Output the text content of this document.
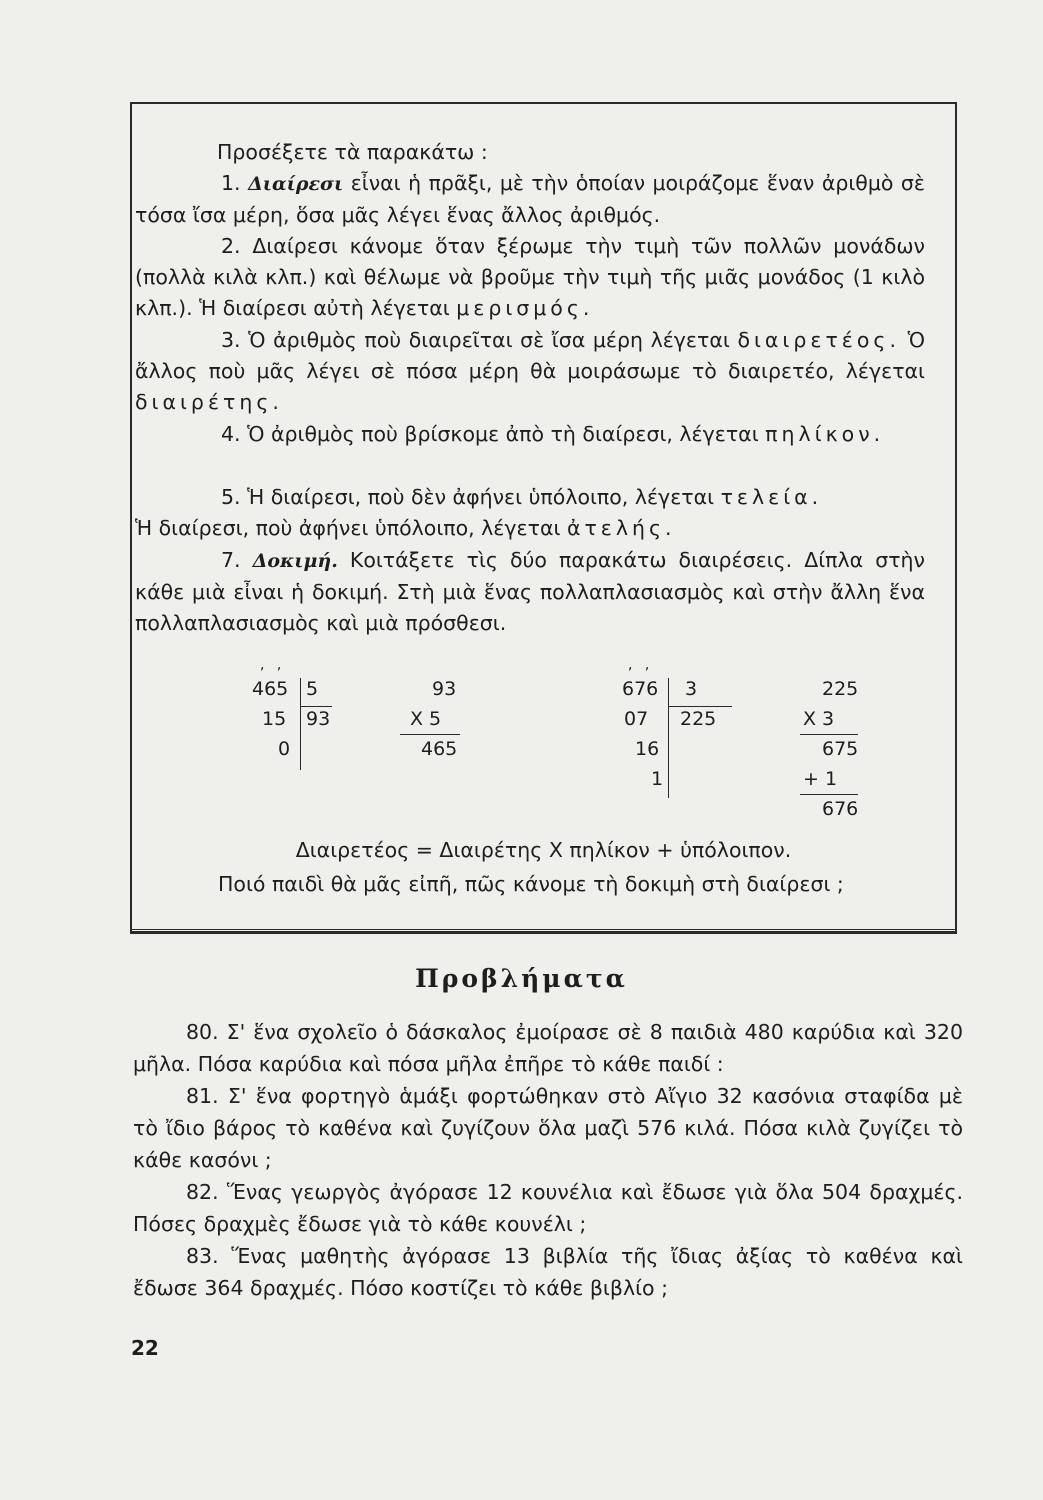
Προσέξετε τὰ παρακάτω :

1. Διαίρεσι εἶναι ἡ πρᾶξι, μὲ τὴν ὁποίαν μοιράζομε ἕναν ἀριθμὸ σὲ τόσα ἴσα μέρη, ὅσα μᾶς λέγει ἕνας ἄλλος ἀριθμός.

2. Διαίρεσι κάνομε ὅταν ξέρωμε τὴν τιμὴ τῶν πολλῶν μονάδων (πολλὰ κιλὰ κλπ.) καὶ θέλωμε νὰ βροῦμε τὴν τιμὴ τῆς μιᾶς μονάδος (1 κιλὸ κλπ.). Ἡ διαίρεσι αὐτὴ λέγεται μερισμός.

3. Ὁ ἀριθμὸς ποὺ διαιρεῖται σὲ ἴσα μέρη λέγεται διαιρετέος. Ὁ ἄλλος ποὺ μᾶς λέγει σὲ πόσα μέρη θὰ μοιράσωμε τὸ διαιρετέο, λέγεται διαιρέτης.

4. Ὁ ἀριθμὸς ποὺ βρίσκομε ἀπὸ τὴ διαίρεσι, λέγεται πηλίκον.

5. Ἡ διαίρεσι, ποὺ δὲν ἀφήνει ὑπόλοιπο, λέγεται τελεία.

Ἡ διαίρεσι, ποὺ ἀφήνει ὑπόλοιπο, λέγεται ἀτελής.

7. Δοκιμή. Κοιτάξετε τὶς δύο παρακάτω διαιρέσεις. Δίπλα στὴν κάθε μιὰ εἶναι ἡ δοκιμή. Στὴ μιὰ ἕνας πολλαπλασιασμὸς καὶ στὴν ἄλλη ἕνα πολλαπλασιασμὸς καὶ μιὰ πρόσθεσι.

, ,
465 5
15 93
0
93
X 5
465
, ,
676 3
07 225
16
1
225
X 3
675
+ 1
676
Διαιρετέος = Διαιρέτης X πηλίκον + ὑπόλοιπον.
Ποιό παιδὶ θὰ μᾶς εἰπῆ, πῶς κάνομε τὴ δοκιμὴ στὴ διαίρεσι ;
Προβλήματα

80. Σ' ἕνα σχολεῖο ὁ δάσκαλος ἐμοίρασε σὲ 8 παιδιὰ 480 καρύδια καὶ 320 μῆλα. Πόσα καρύδια καὶ πόσα μῆλα ἐπῆρε τὸ κάθε παιδί :

81. Σ' ἕνα φορτηγὸ ἁμάξι φορτώθηκαν στὸ Αἴγιο 32 κασόνια σταφίδα μὲ τὸ ἴδιο βάρος τὸ καθένα καὶ ζυγίζουν ὅλα μαζὶ 576 κιλά. Πόσα κιλὰ ζυγίζει τὸ κάθε κασόνι ;

82. Ἕνας γεωργὸς ἀγόρασε 12 κουνέλια καὶ ἔδωσε γιὰ ὅλα 504 δραχμές. Πόσες δραχμὲς ἔδωσε γιὰ τὸ κάθε κουνέλι ;

83. Ἕνας μαθητὴς ἀγόρασε 13 βιβλία τῆς ἴδιας ἀξίας τὸ καθένα καὶ ἔδωσε 364 δραχμές. Πόσο κοστίζει τὸ κάθε βιβλίο ;

22
